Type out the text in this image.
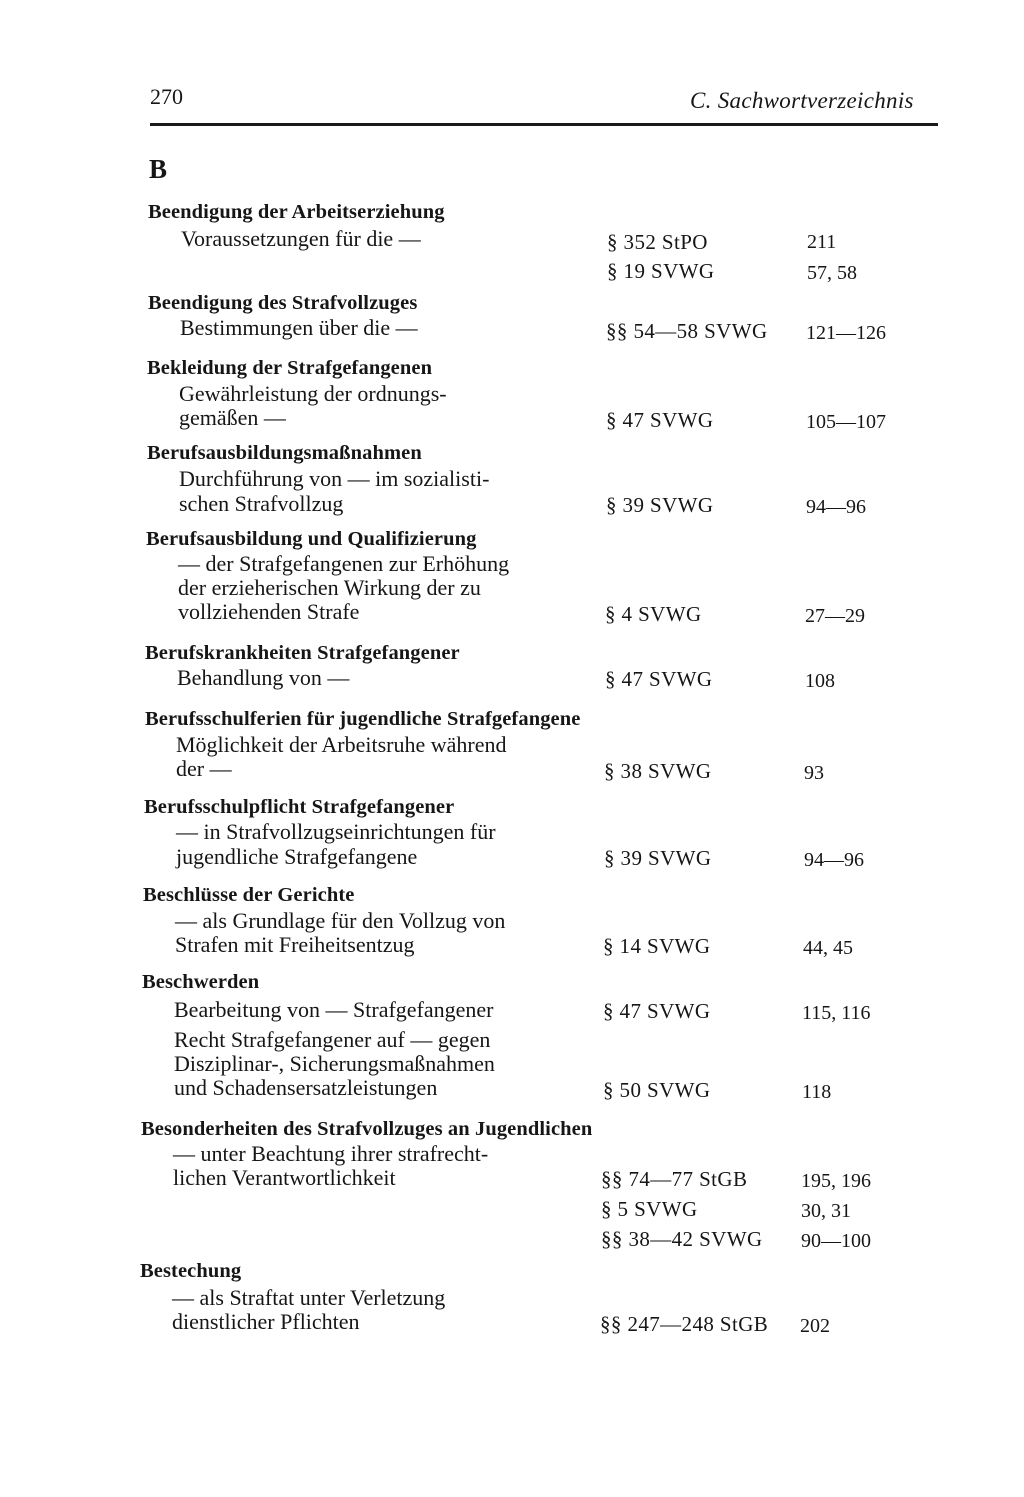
270	C. Sachwortverzeichnis
B
Beendigung der Arbeitserziehung
Voraussetzungen für die —	§ 352 StPO	211
§ 19 SVWG	57, 58
Beendigung des Strafvollzuges
Bestimmungen über die —	§§ 54—58 SVWG 121—126
Bekleidung der Strafgefangenen
Gewährleistung der ordnungs-
gemäßen —	§ 47 SVWG	105—107
Berufsausbildungsmaßnahmen
Durchführung von — im sozialisti-
schen Strafvollzug	§ 39 SVWG	94—96
Berufsausbildung und Qualifizierung
— der Strafgefangenen zur Erhöhung
der erzieherischen Wirkung der zu
vollziehenden Strafe	§ 4 SVWG	27—29
Berufskrankheiten Strafgefangener
Behandlung von —	§ 47 SVWG	108
Berufsschulferien für jugendliche Strafgefangene
Möglichkeit der Arbeitsruhe während
der —	§ 38 SVWG	93
Berufsschulpflicht Strafgefangener
— in Strafvollzugseinrichtungen für
jugendliche Strafgefangene	§ 39 SVWG	94—96
Beschlüsse der Gerichte
— als Grundlage für den Vollzug von
Strafen mit Freiheitsentzug	§ 14 SVWG	44, 45
Beschwerden
Bearbeitung von — Strafgefangener	§ 47 SVWG	115, 116
Recht Strafgefangener auf — gegen
Disziplinar-, Sicherungsmaßnahmen
und Schadensersatzleistungen	§ 50 SVWG	118
Besonderheiten des Strafvollzuges an Jugendlichen
— unter Beachtung ihrer strafrecht-
lichen Verantwortlichkeit	§§ 74—77 StGB	195, 196
§ 5 SVWG	30, 31
§§ 38—42 SVWG 90—100
Bestechung
— als Straftat unter Verletzung
dienstlicher Pflichten	§§ 247—248 StGB 202
